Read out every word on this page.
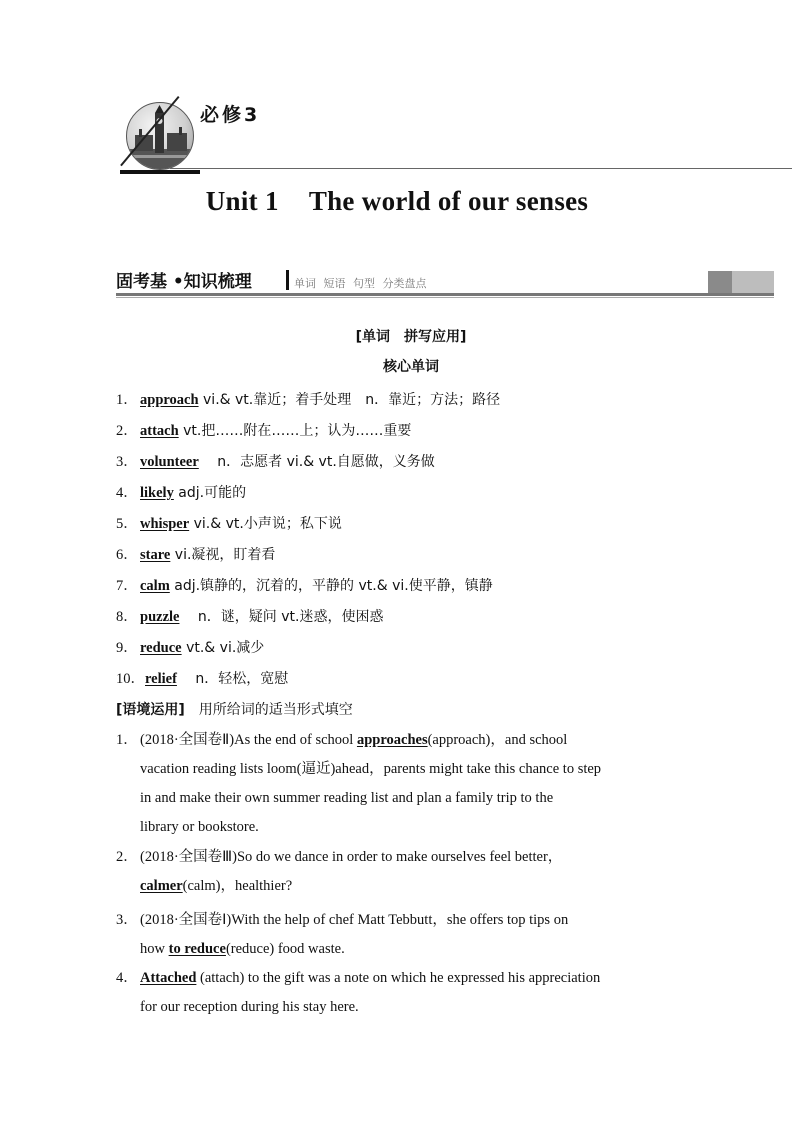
必修3
Unit 1 The world of our senses
固考基 •知识梳理	单词 短语 句型 分类盘点
[单词　拼写应用]
核心单词
1． approach vi.& vt.靠近；着手处理　n．靠近；方法；路径
2． attach vt.把……附在……上；认为……重要
3． volunteer 　n．志愿者 vi.& vt.自愿做，义务做
4． likely adj.可能的
5． whisper vi.& vt.小声说；私下说
6． stare vi.凝视，盯着看
7． calm adj.镇静的，沉着的，平静的 vt.& vi.使平静，镇静
8． puzzle 　n．谜，疑问 vt.迷惑，使困惑
9． reduce vt.& vi.减少
10．relief 　n．轻松，宽慰
[语境运用]　用所给词的适当形式填空
1． (2018·全国卷Ⅱ)As the end of school approaches(approach)，and school
vacation reading lists loom(逼近)ahead，parents might take this chance to step
in and make their own summer reading list and plan a family trip to the
library or bookstore.
2． (2018·全国卷Ⅲ)So do we dance in order to make ourselves feel better，
calmer(calm)，healthier?
3． (2018·全国卷Ⅰ)With the help of chef Matt Tebbutt，she offers top tips on
how to reduce(reduce) food waste.
4． Attached (attach) to the gift was a note on which he expressed his appreciation
for our reception during his stay here.
